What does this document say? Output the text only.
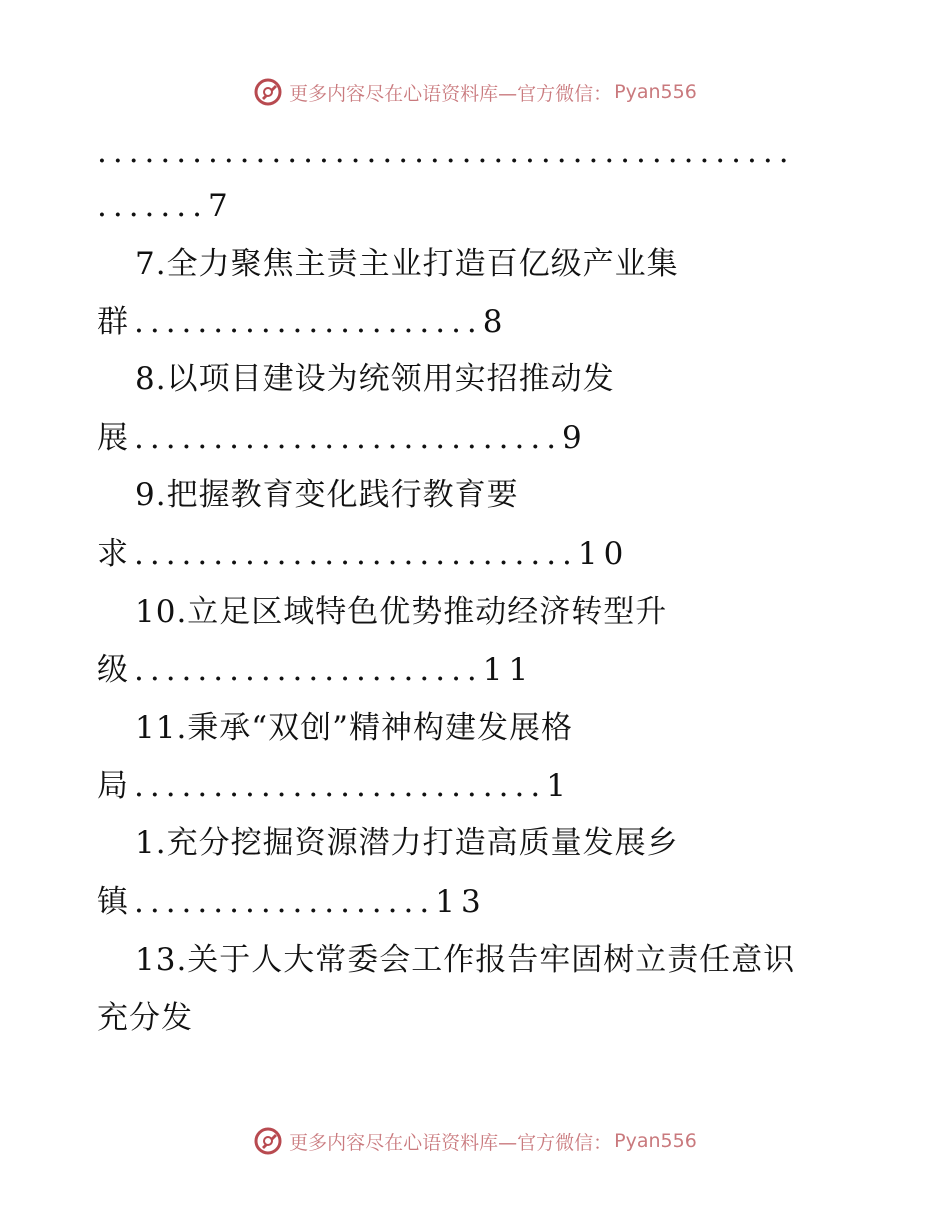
更多内容尽在心语资料库—官方微信： Pyan556
............................................
.......7
7.全力聚焦主责主业打造百亿级产业集
群......................8
8.以项目建设为统领用实招推动发
展...........................9
9.把握教育变化践行教育要
求............................10
10.立足区域特色优势推动经济转型升
级......................11
11.秉承“双创”精神构建发展格
局..........................1
1.充分挖掘资源潜力打造高质量发展乡
镇...................13
13.关于人大常委会工作报告牢固树立责任意识
充分发
更多内容尽在心语资料库—官方微信： Pyan556
